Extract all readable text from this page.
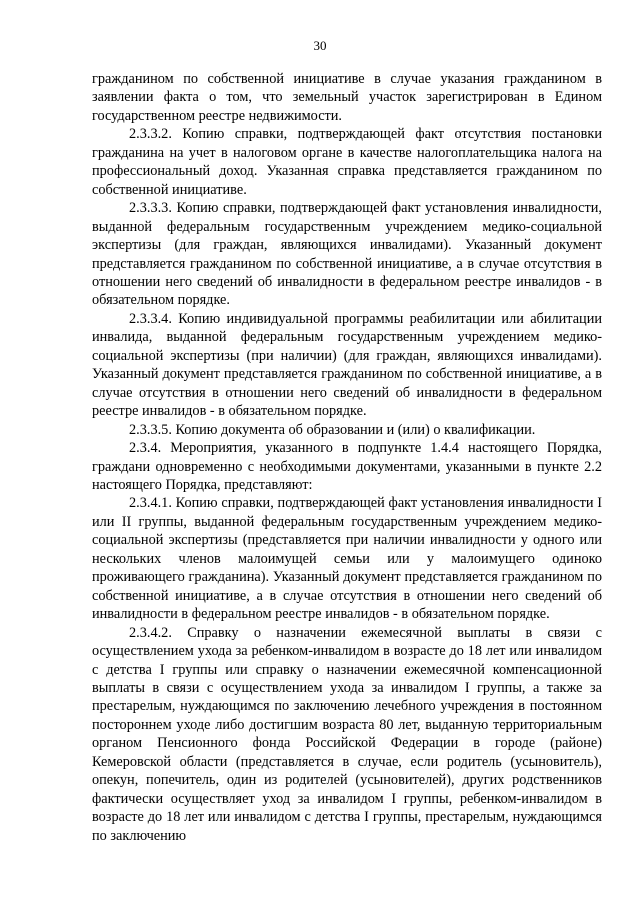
30

гражданином по собственной инициативе в случае указания гражданином в заявлении факта о том, что земельный участок зарегистрирован в Едином государственном реестре недвижимости.

2.3.3.2. Копию справки, подтверждающей факт отсутствия постановки гражданина на учет в налоговом органе в качестве налогоплательщика налога на профессиональный доход. Указанная справка представляется гражданином по собственной инициативе.

2.3.3.3. Копию справки, подтверждающей факт установления инвалидности, выданной федеральным государственным учреждением медико-социальной экспертизы (для граждан, являющихся инвалидами). Указанный документ представляется гражданином по собственной инициативе, а в случае отсутствия в отношении него сведений об инвалидности в федеральном реестре инвалидов - в обязательном порядке.

2.3.3.4. Копию индивидуальной программы реабилитации или абилитации инвалида, выданной федеральным государственным учреждением медико-социальной экспертизы (при наличии) (для граждан, являющихся инвалидами). Указанный документ представляется гражданином по собственной инициативе, а в случае отсутствия в отношении него сведений об инвалидности в федеральном реестре инвалидов - в обязательном порядке.

2.3.3.5. Копию документа об образовании и (или) о квалификации.

2.3.4. Мероприятия, указанного в подпункте 1.4.4 настоящего Порядка, граждани одновременно с необходимыми документами, указанными в пункте 2.2 настоящего Порядка, представляют:

2.3.4.1. Копию справки, подтверждающей факт установления инвалидности I или II группы, выданной федеральным государственным учреждением медико-социальной экспертизы (представляется при наличии инвалидности у одного или нескольких членов малоимущей семьи или у малоимущего одиноко проживающего гражданина). Указанный документ представляется гражданином по собственной инициативе, а в случае отсутствия в отношении него сведений об инвалидности в федеральном реестре инвалидов - в обязательном порядке.

2.3.4.2. Справку о назначении ежемесячной выплаты в связи с осуществлением ухода за ребенком-инвалидом в возрасте до 18 лет или инвалидом с детства I группы или справку о назначении ежемесячной компенсационной выплаты в связи с осуществлением ухода за инвалидом I группы, а также за престарелым, нуждающимся по заключению лечебного учреждения в постоянном постороннем уходе либо достигшим возраста 80 лет, выданную территориальным органом Пенсионного фонда Российской Федерации в городе (районе) Кемеровской области (представляется в случае, если родитель (усыновитель), опекун, попечитель, один из родителей (усыновителей), других родственников фактически осуществляет уход за инвалидом I группы, ребенком-инвалидом в возрасте до 18 лет или инвалидом с детства I группы, престарелым, нуждающимся по заключению
